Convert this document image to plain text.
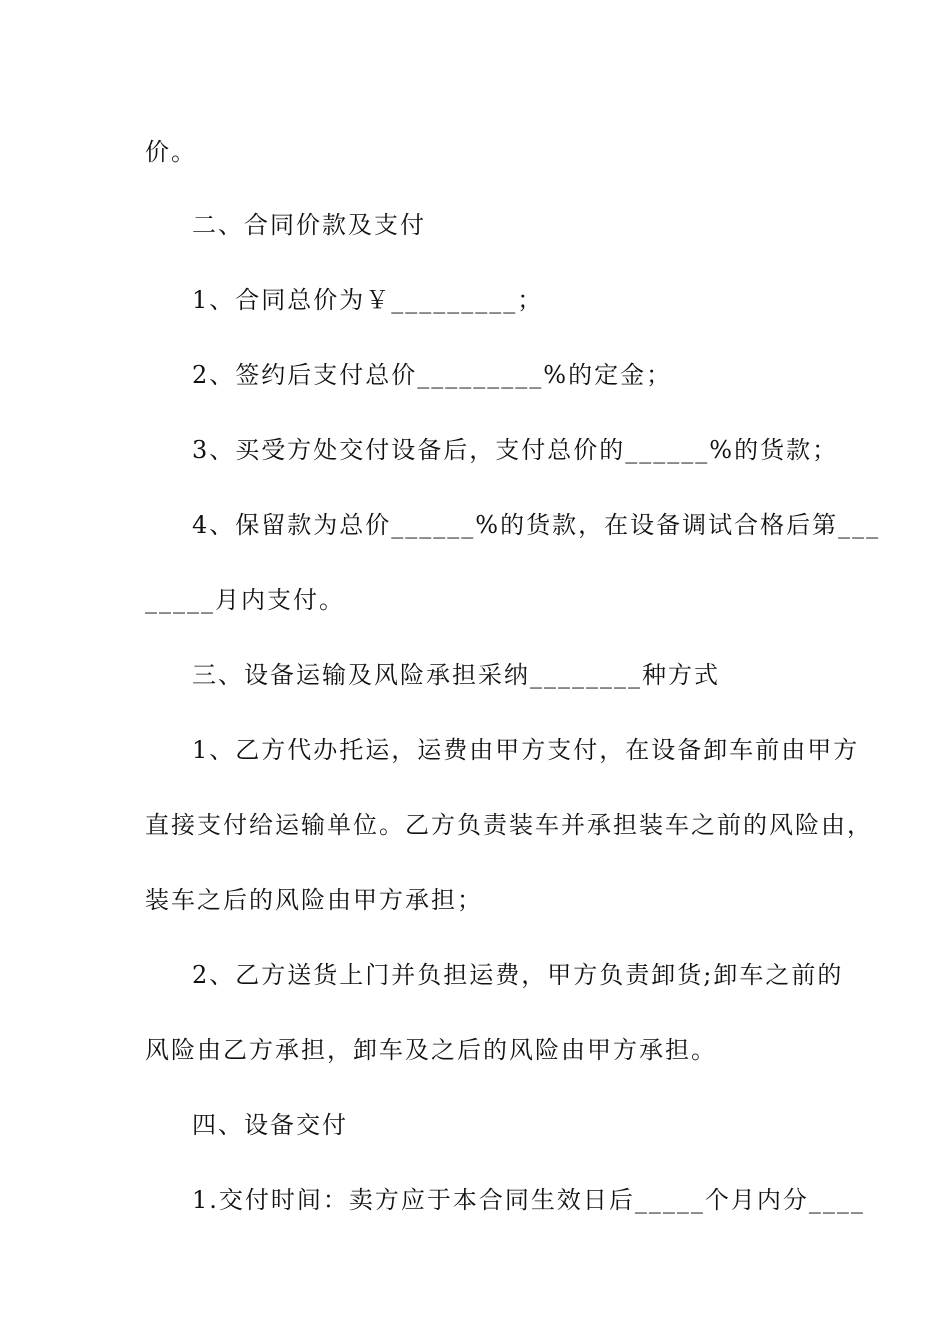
价。
二、合同价款及支付
1、合同总价为￥_________；
2、签约后支付总价_________%的定金；
3、买受方处交付设备后，支付总价的______%的货款；
4、保留款为总价______%的货款，在设备调试合格后第___
_____月内支付。
三、设备运输及风险承担采纳________种方式
1、乙方代办托运，运费由甲方支付，在设备卸车前由甲方
直接支付给运输单位。乙方负责装车并承担装车之前的风险由，
装车之后的风险由甲方承担；
2、乙方送货上门并负担运费，甲方负责卸货;卸车之前的
风险由乙方承担，卸车及之后的风险由甲方承担。
四、设备交付
1.交付时间：卖方应于本合同生效日后_____个月内分____
